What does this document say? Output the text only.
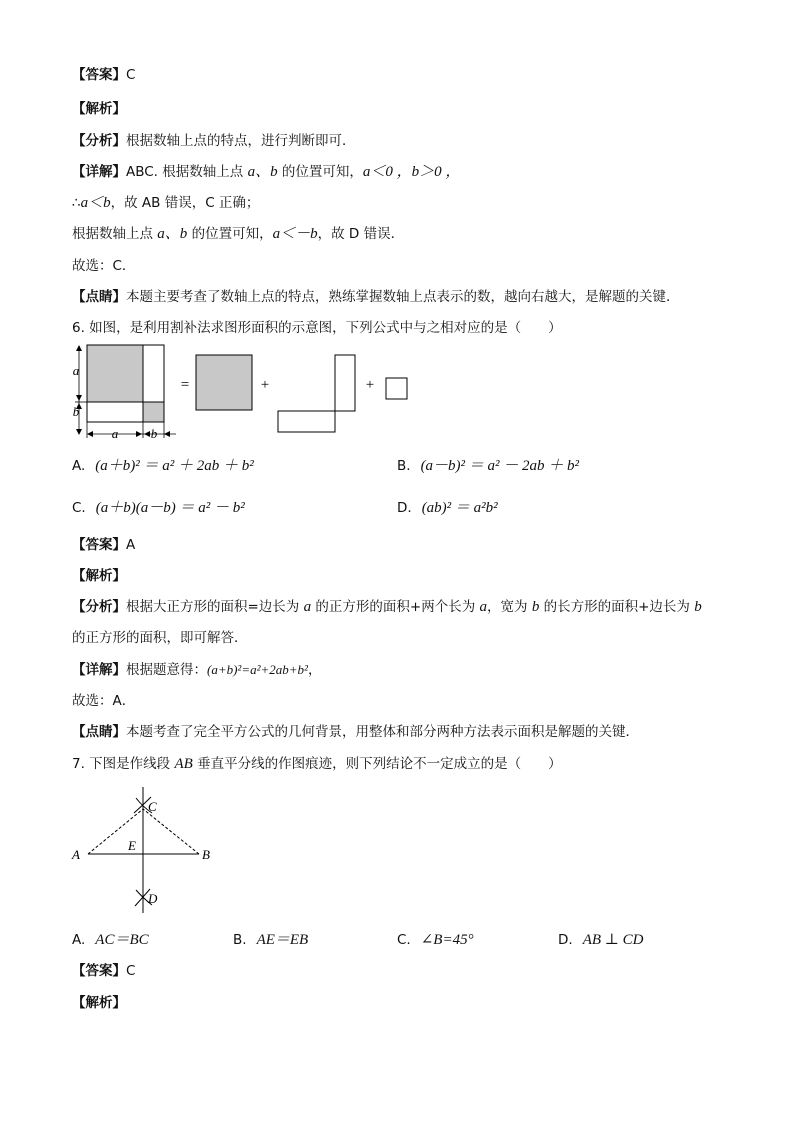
【答案】C
【解析】
【分析】根据数轴上点的特点，进行判断即可．
【详解】ABC. 根据数轴上点 a、b 的位置可知，a＜0 ，b＞0 ，
∴a＜b，故 AB 错误，C 正确；
根据数轴上点 a、b 的位置可知，a＜－b，故 D 错误．
故选：C．
【点睛】本题主要考查了数轴上点的特点，熟练掌握数轴上点表示的数，越向右越大，是解题的关键．
6. 如图，是利用割补法求图形面积的示意图，下列公式中与之相对应的是（　　）
a
b
a	b
=	+	+
A. (a＋b)² ＝ a² ＋ 2ab ＋ b²	B. (a－b)² ＝ a² － 2ab ＋ b²
C. (a＋b)(a－b) ＝ a² － b²	D. (ab)² ＝ a²b²
【答案】A
【解析】
【分析】根据大正方形的面积=边长为 a 的正方形的面积+两个长为 a，宽为 b 的长方形的面积+边长为 b
的正方形的面积，即可解答．
【详解】根据题意得：(a+b)²=a²+2ab+b²，
故选：A．
【点睛】本题考查了完全平方公式的几何背景，用整体和部分两种方法表示面积是解题的关键．
7. 下图是作线段 AB 垂直平分线的作图痕迹，则下列结论不一定成立的是（　　）
C
A	B
E
D
A. AC＝BC	B. AE＝EB	C. ∠B=45°	D. AB ⊥ CD
【答案】C
【解析】
